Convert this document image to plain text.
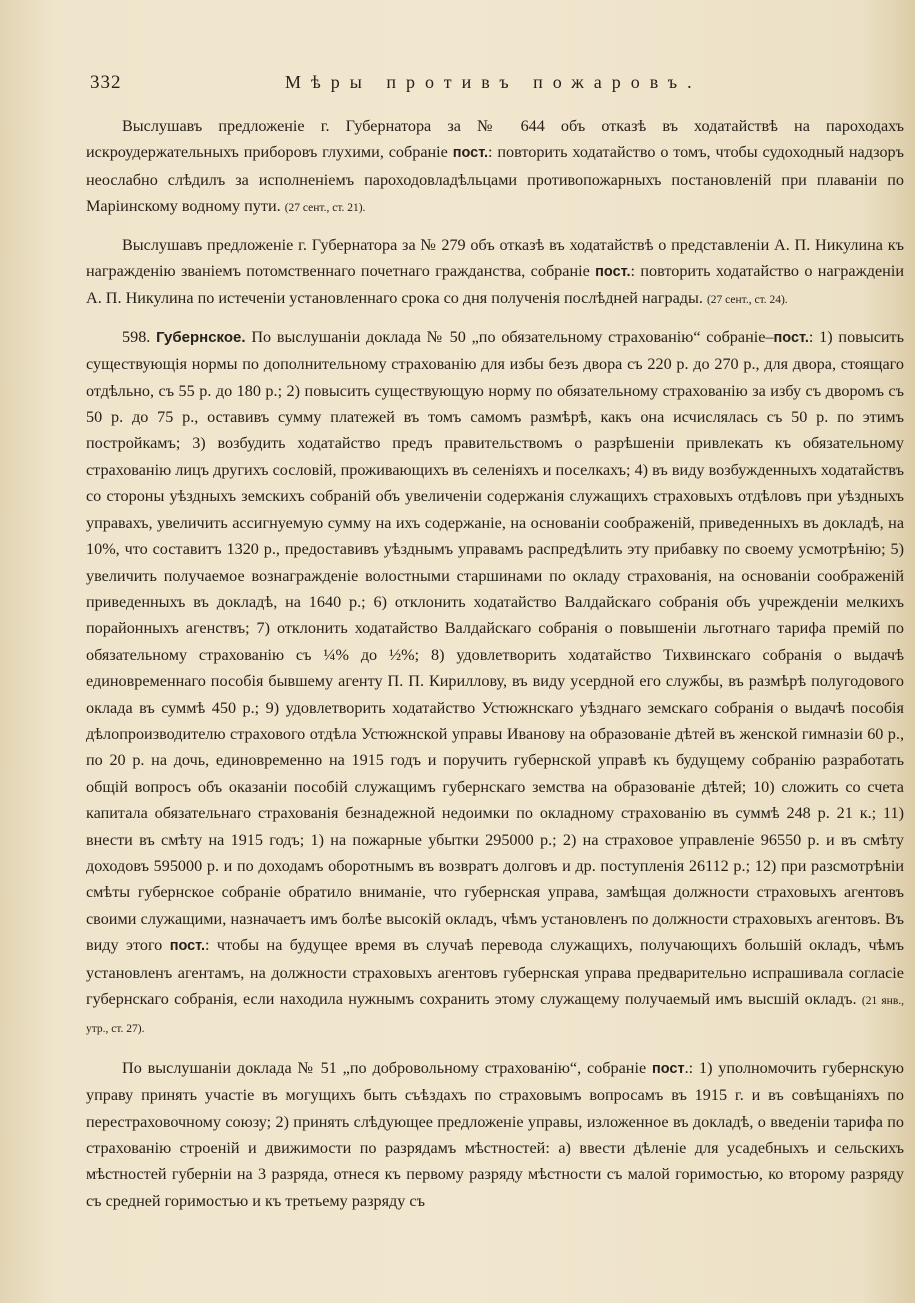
332	Мѣры противъ пожаровъ.

Выслушавъ предложеніе г. Губернатора за № 644 объ отказѣ въ ходатайствѣ на пароходахъ искроудержательныхъ приборовъ глухими, собраніе пост.: повторить ходатайство о томъ, чтобы судоходный надзоръ неослабно слѣдилъ за исполненіемъ пароходовладѣльцами противопожарныхъ постановленій при плаваніи по Маріинскому водному пути. (27 сент., ст. 21).

Выслушавъ предложеніе г. Губернатора за № 279 объ отказѣ въ ходатайствѣ о представленіи А. П. Никулина къ награжденію званіемъ потомственнаго почетнаго гражданства, собраніе пост.: повторить ходатайство о награжденіи А. П. Никулина по истеченіи установленнаго срока со дня полученія послѣдней награды. (27 сент., ст. 24).

598. Губернское. По выслушаніи доклада № 50 „по обязательному страхованію“ собраніе–пост.: 1) повысить существующія нормы по дополнительному страхованію для избы безъ двора съ 220 р. до 270 р., для двора, стоящаго отдѣльно, съ 55 р. до 180 р.; 2) повысить существующую норму по обязательному страхованію за избу съ дворомъ съ 50 р. до 75 р., оставивъ сумму платежей въ томъ самомъ размѣрѣ, какъ она исчислялась съ 50 р. по этимъ постройкамъ; 3) возбудить ходатайство предъ правительствомъ о разрѣшеніи привлекать къ обязательному страхованію лицъ другихъ сословій, проживающихъ въ селеніяхъ и поселкахъ; 4) въ виду возбужденныхъ ходатайствъ со стороны уѣздныхъ земскихъ собраній объ увеличеніи содержанія служащихъ страховыхъ отдѣловъ при уѣздныхъ управахъ, увеличить ассигнуемую сумму на ихъ содержаніе, на основаніи соображеній, приведенныхъ въ докладѣ, на 10%, что составитъ 1320 р., предоставивъ уѣзднымъ управамъ распредѣлить эту прибавку по своему усмотрѣнію; 5) увеличить получаемое вознагражденіе волостными старшинами по окладу страхованія, на основаніи соображеній приведенныхъ въ докладѣ, на 1640 р.; 6) отклонить ходатайство Валдайскаго собранія объ учрежденіи мелкихъ порайонныхъ агенствъ; 7) отклонить ходатайство Валдайскаго собранія о повышеніи льготнаго тарифа премій по обязательному страхованію съ ¼% до ½%; 8) удовлетворить ходатайство Тихвинскаго собранія о выдачѣ единовременнаго пособія бывшему агенту П. П. Кириллову, въ виду усердной его службы, въ размѣрѣ полугодового оклада въ суммѣ 450 р.; 9) удовлетворить ходатайство Устюжнскаго уѣзднаго земскаго собранія о выдачѣ пособія дѣлопроизводителю страхового отдѣла Устюжнской управы Иванову на образованіе дѣтей въ женской гимназіи 60 р., по 20 р. на дочь, единовременно на 1915 годъ и поручить губернской управѣ къ будущему собранію разработать общій вопросъ объ оказаніи пособій служащимъ губернскаго земства на образованіе дѣтей; 10) сложить со счета капитала обязательнаго страхованія безнадежной недоимки по окладному страхованію въ суммѣ 248 р. 21 к.; 11) внести въ смѣту на 1915 годъ; 1) на пожарные убытки 295000 р.; 2) на страховое управленіе 96550 р. и въ смѣту доходовъ 595000 р. и по доходамъ оборотнымъ въ возвратъ долговъ и др. поступленія 26112 р.; 12) при разсмотрѣніи смѣты губернское собраніе обратило вниманіе, что губернская управа, замѣщая должности страховыхъ агентовъ своими служащими, назначаетъ имъ болѣе высокій окладъ, чѣмъ установленъ по должности страховыхъ агентовъ. Въ виду этого пост.: чтобы на будущее время въ случаѣ перевода служащихъ, получающихъ большій окладъ, чѣмъ установленъ агентамъ, на должности страховыхъ агентовъ губернская управа предварительно испрашивала согласіе губернскаго собранія, если находила нужнымъ сохранить этому служащему получаемый имъ высшій окладъ. (21 янв., утр., ст. 27).

По выслушаніи доклада № 51 „по добровольному страхованію“, собраніе пост.: 1) уполномочить губернскую управу принять участіе въ могущихъ быть съѣздахъ по страховымъ вопросамъ въ 1915 г. и въ совѣщаніяхъ по перестраховочному союзу; 2) принять слѣдующее предложеніе управы, изложенное въ докладѣ, о введеніи тарифа по страхованію строеній и движимости по разрядамъ мѣстностей: а) ввести дѣленіе для усадебныхъ и сельскихъ мѣстностей губерніи на 3 разряда, отнеся къ первому разряду мѣстности съ малой горимостью, ко второму разряду съ средней горимостью и къ третьему разряду съ
